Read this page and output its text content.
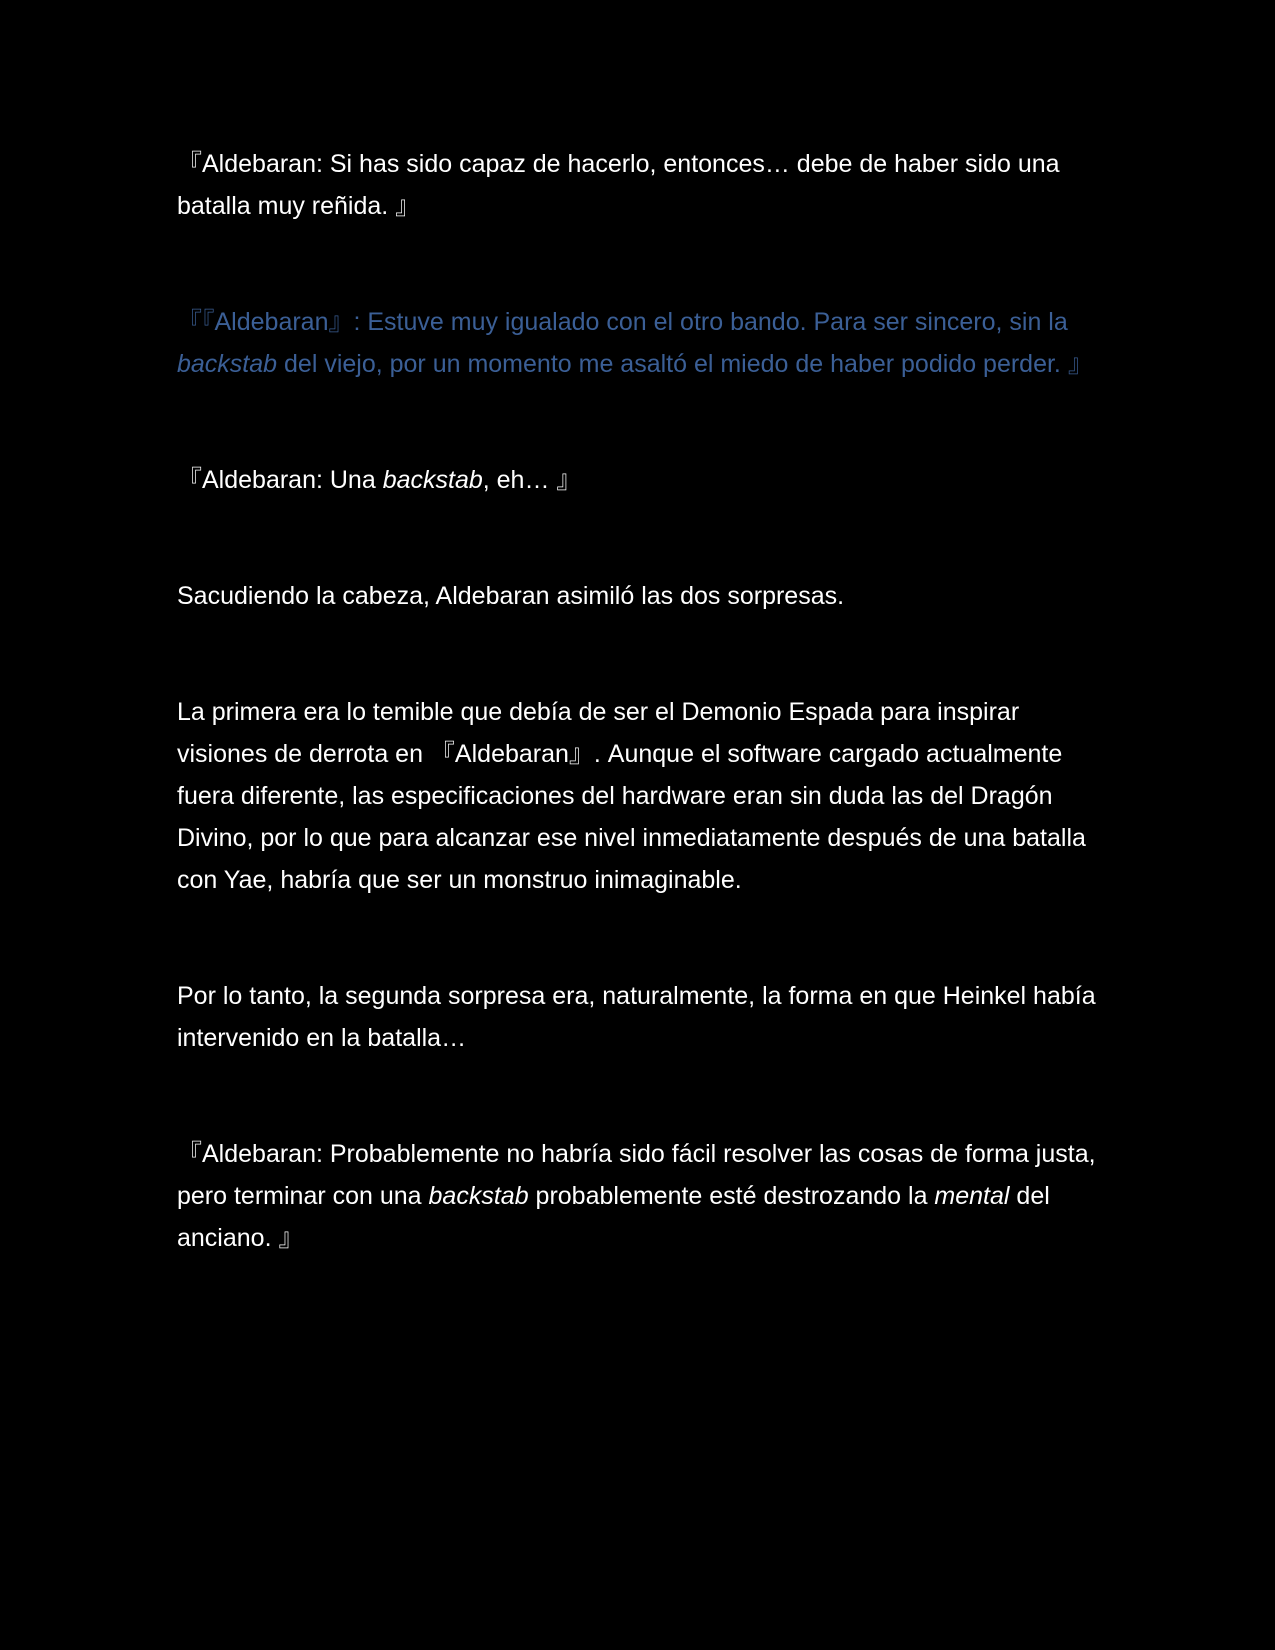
『Aldebaran: Si has sido capaz de hacerlo, entonces… debe de haber sido una batalla muy reñida. 』

『『Aldebaran』: Estuve muy igualado con el otro bando. Para ser sincero, sin la backstab del viejo, por un momento me asaltó el miedo de haber podido perder. 』

『Aldebaran: Una backstab, eh… 』

Sacudiendo la cabeza, Aldebaran asimiló las dos sorpresas.

La primera era lo temible que debía de ser el Demonio Espada para inspirar visiones de derrota en 『Aldebaran』. Aunque el software cargado actualmente fuera diferente, las especificaciones del hardware eran sin duda las del Dragón Divino, por lo que para alcanzar ese nivel inmediatamente después de una batalla con Yae, habría que ser un monstruo inimaginable.

Por lo tanto, la segunda sorpresa era, naturalmente, la forma en que Heinkel había intervenido en la batalla…

『Aldebaran: Probablemente no habría sido fácil resolver las cosas de forma justa, pero terminar con una backstab probablemente esté destrozando la mental del anciano. 』
